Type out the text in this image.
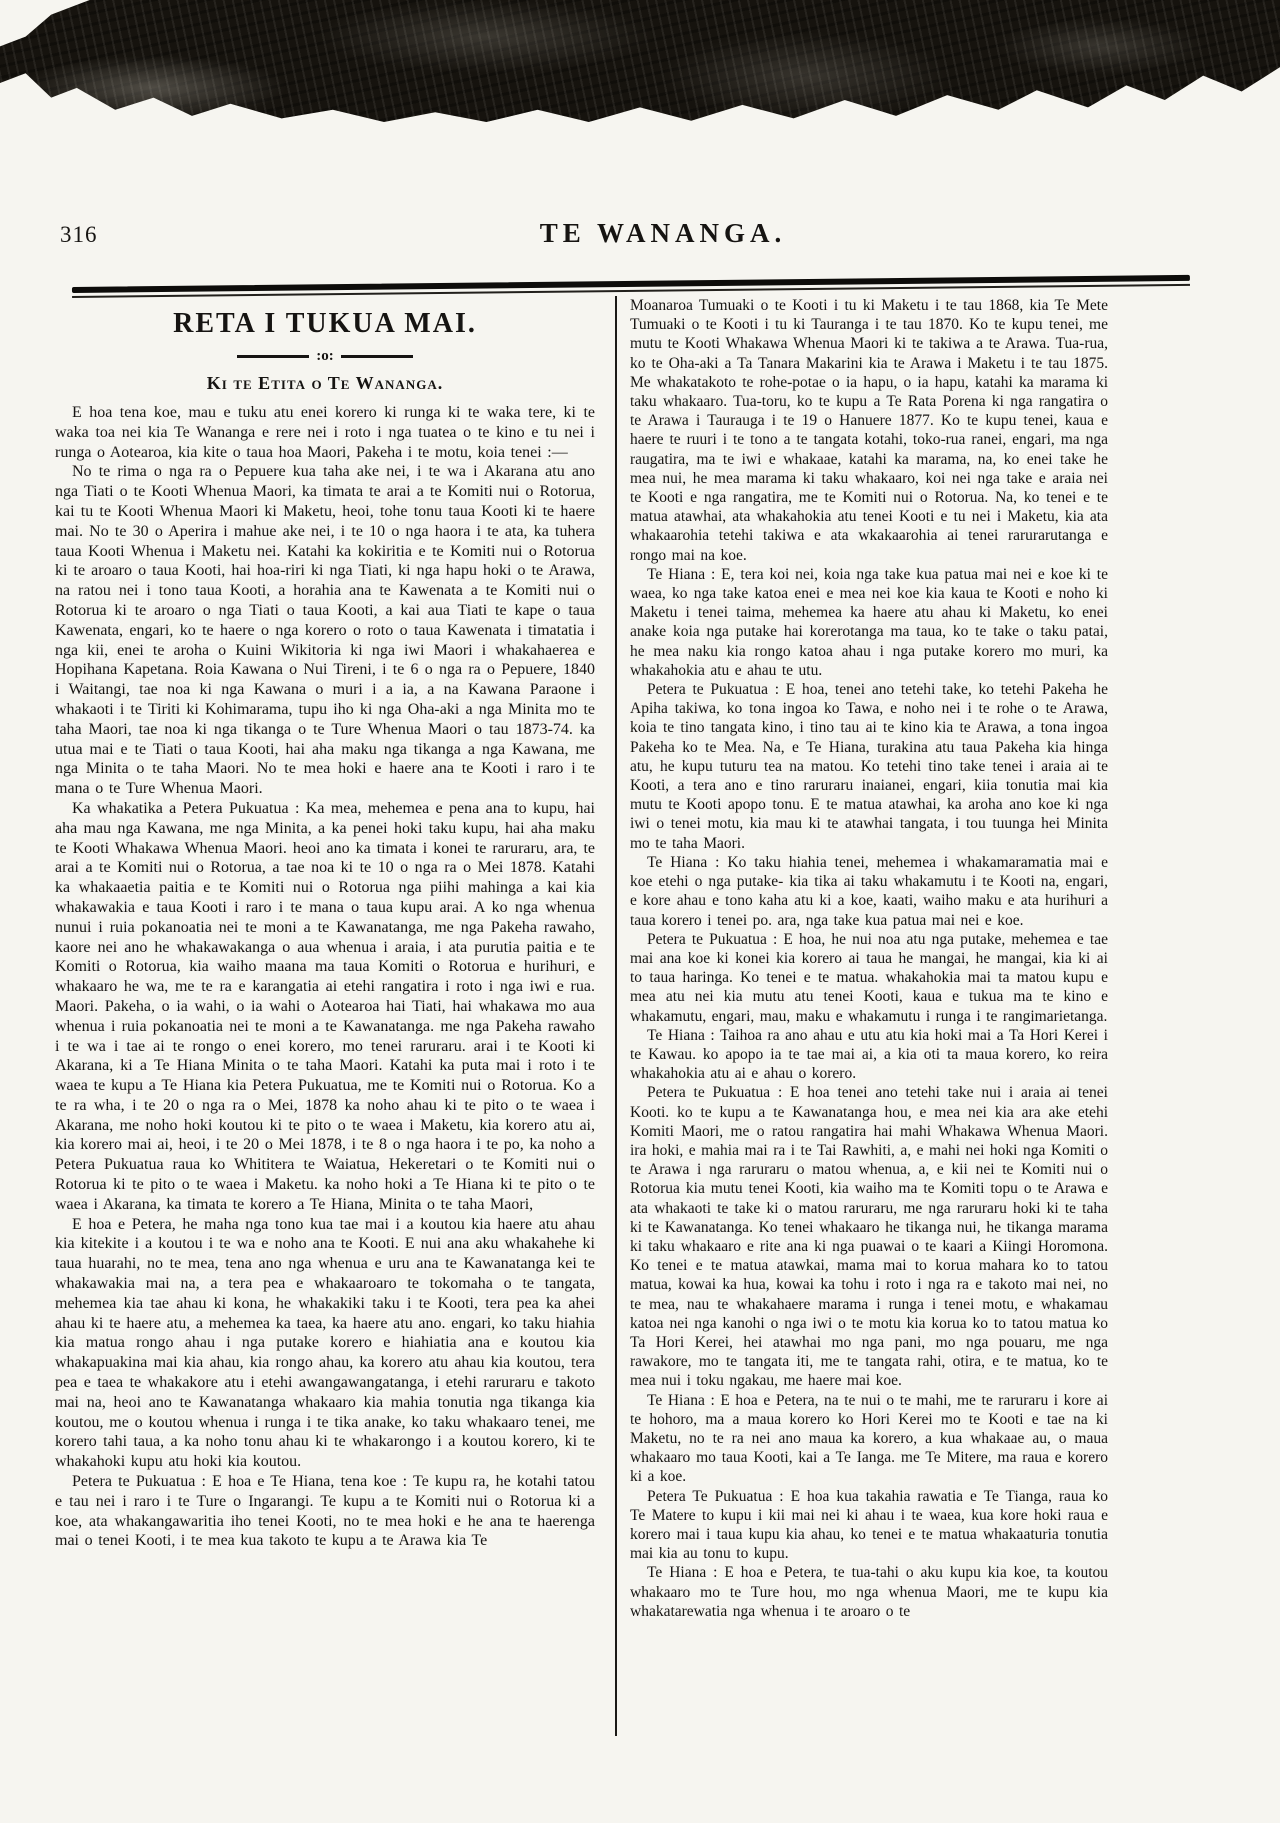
316	TE WANANGA.
RETA I TUKUA MAI.
:o:
Ki te Etita o Te Wananga.

E hoa tena koe, mau e tuku atu enei korero ki runga ki te waka tere, ki te waka toa nei kia Te Wananga e rere nei i roto i nga tuatea o te kino e tu nei i runga o Aotearoa, kia kite o taua hoa Maori, Pakeha i te motu, koia tenei :—

No te rima o nga ra o Pepuere kua taha ake nei, i te wa i Akarana atu ano nga Tiati o te Kooti Whenua Maori, ka timata te arai a te Komiti nui o Rotorua, kai tu te Kooti Whenua Maori ki Maketu, heoi, tohe tonu taua Kooti ki te haere mai. No te 30 o Aperira i mahue ake nei, i te 10 o nga haora i te ata, ka tuhera taua Kooti Whenua i Maketu nei. Katahi ka kokiritia e te Komiti nui o Rotorua ki te aroaro o taua Kooti, hai hoa-riri ki nga Tiati, ki nga hapu hoki o te Arawa, na ratou nei i tono taua Kooti, a horahia ana te Kawenata a te Komiti nui o Rotorua ki te aroaro o nga Tiati o taua Kooti, a kai aua Tiati te kape o taua Kawenata, engari, ko te haere o nga korero o roto o taua Kawenata i timatatia i nga kii, enei te aroha o Kuini Wikitoria ki nga iwi Maori i whakahaerea e Hopihana Kapetana. Roia Kawana o Nui Tireni, i te 6 o nga ra o Pepuere, 1840 i Waitangi, tae noa ki nga Kawana o muri i a ia, a na Kawana Paraone i whakaoti i te Tiriti ki Kohimarama, tupu iho ki nga Oha-aki a nga Minita mo te taha Maori, tae noa ki nga tikanga o te Ture Whenua Maori o tau 1873-74. ka utua mai e te Tiati o taua Kooti, hai aha maku nga tikanga a nga Kawana, me nga Minita o te taha Maori. No te mea hoki e haere ana te Kooti i raro i te mana o te Ture Whenua Maori.

Ka whakatika a Petera Pukuatua : Ka mea, mehemea e pena ana to kupu, hai aha mau nga Kawana, me nga Minita, a ka penei hoki taku kupu, hai aha maku te Kooti Whakawa Whenua Maori. heoi ano ka timata i konei te raruraru, ara, te arai a te Komiti nui o Rotorua, a tae noa ki te 10 o nga ra o Mei 1878. Katahi ka whakaaetia paitia e te Komiti nui o Rotorua nga piihi mahinga a kai kia whakawakia e taua Kooti i raro i te mana o taua kupu arai. A ko nga whenua nunui i ruia pokanoatia nei te moni a te Kawanatanga, me nga Pakeha rawaho, kaore nei ano he whakawakanga o aua whenua i araia, i ata purutia paitia e te Komiti o Rotorua, kia waiho maana ma taua Komiti o Rotorua e hurihuri, e whakaaro he wa, me te ra e karangatia ai etehi rangatira i roto i nga iwi e rua. Maori. Pakeha, o ia wahi, o ia wahi o Aotearoa hai Tiati, hai whakawa mo aua whenua i ruia pokanoatia nei te moni a te Kawanatanga. me nga Pakeha rawaho i te wa i tae ai te rongo o enei korero, mo tenei raruraru. arai i te Kooti ki Akarana, ki a Te Hiana Minita o te taha Maori. Katahi ka puta mai i roto i te waea te kupu a Te Hiana kia Petera Pukuatua, me te Komiti nui o Rotorua. Ko a te ra wha, i te 20 o nga ra o Mei, 1878 ka noho ahau ki te pito o te waea i Akarana, me noho hoki koutou ki te pito o te waea i Maketu, kia korero atu ai, kia korero mai ai, heoi, i te 20 o Mei 1878, i te 8 o nga haora i te po, ka noho a Petera Pukuatua raua ko Whititera te Waiatua, Hekeretari o te Komiti nui o Rotorua ki te pito o te waea i Maketu. ka noho hoki a Te Hiana ki te pito o te waea i Akarana, ka timata te korero a Te Hiana, Minita o te taha Maori,

E hoa e Petera, he maha nga tono kua tae mai i a koutou kia haere atu ahau kia kitekite i a koutou i te wa e noho ana te Kooti. E nui ana aku whakahehe ki taua huarahi, no te mea, tena ano nga whenua e uru ana te Kawanatanga kei te whakawakia mai na, a tera pea e whakaaroaro te tokomaha o te tangata, mehemea kia tae ahau ki kona, he whakakiki taku i te Kooti, tera pea ka ahei ahau ki te haere atu, a mehemea ka taea, ka haere atu ano. engari, ko taku hiahia kia matua rongo ahau i nga putake korero e hiahiatia ana e koutou kia whakapuakina mai kia ahau, kia rongo ahau, ka korero atu ahau kia koutou, tera pea e taea te whakakore atu i etehi awangawangatanga, i etehi raruraru e takoto mai na, heoi ano te Kawanatanga whakaaro kia mahia tonutia nga tikanga kia koutou, me o koutou whenua i runga i te tika anake, ko taku whakaaro tenei, me korero tahi taua, a ka noho tonu ahau ki te whakarongo i a koutou korero, ki te whakahoki kupu atu hoki kia koutou.

Petera te Pukuatua : E hoa e Te Hiana, tena koe : Te kupu ra, he kotahi tatou e tau nei i raro i te Ture o Ingarangi. Te kupu a te Komiti nui o Rotorua ki a koe, ata whakangawaritia iho tenei Kooti, no te mea hoki e he ana te haerenga mai o tenei Kooti, i te mea kua takoto te kupu a te Arawa kia Te

Moanaroa Tumuaki o te Kooti i tu ki Maketu i te tau 1868, kia Te Mete Tumuaki o te Kooti i tu ki Tauranga i te tau 1870. Ko te kupu tenei, me mutu te Kooti Whakawa Whenua Maori ki te takiwa a te Arawa. Tua-rua, ko te Oha-aki a Ta Tanara Makarini kia te Arawa i Maketu i te tau 1875. Me whakatakoto te rohe-potae o ia hapu, o ia hapu, katahi ka marama ki taku whakaaro. Tua-toru, ko te kupu a Te Rata Porena ki nga rangatira o te Arawa i Taurauga i te 19 o Hanuere 1877. Ko te kupu tenei, kaua e haere te ruuri i te tono a te tangata kotahi, toko-rua ranei, engari, ma nga raugatira, ma te iwi e whakaae, katahi ka marama, na, ko enei take he mea nui, he mea marama ki taku whakaaro, koi nei nga take e araia nei te Kooti e nga rangatira, me te Komiti nui o Rotorua. Na, ko tenei e te matua atawhai, ata whakahokia atu tenei Kooti e tu nei i Maketu, kia ata whakaarohia tetehi takiwa e ata wkakaarohia ai tenei rarurarutanga e rongo mai na koe.

Te Hiana : E, tera koi nei, koia nga take kua patua mai nei e koe ki te waea, ko nga take katoa enei e mea nei koe kia kaua te Kooti e noho ki Maketu i tenei taima, mehemea ka haere atu ahau ki Maketu, ko enei anake koia nga putake hai korerotanga ma taua, ko te take o taku patai, he mea naku kia rongo katoa ahau i nga putake korero mo muri, ka whakahokia atu e ahau te utu.

Petera te Pukuatua : E hoa, tenei ano tetehi take, ko tetehi Pakeha he Apiha takiwa, ko tona ingoa ko Tawa, e noho nei i te rohe o te Arawa, koia te tino tangata kino, i tino tau ai te kino kia te Arawa, a tona ingoa Pakeha ko te Mea. Na, e Te Hiana, turakina atu taua Pakeha kia hinga atu, he kupu tuturu tea na matou. Ko tetehi tino take tenei i araia ai te Kooti, a tera ano e tino raruraru inaianei, engari, kiia tonutia mai kia mutu te Kooti apopo tonu. E te matua atawhai, ka aroha ano koe ki nga iwi o tenei motu, kia mau ki te atawhai tangata, i tou tuunga hei Minita mo te taha Maori.

Te Hiana : Ko taku hiahia tenei, mehemea i whakamaramatia mai e koe etehi o nga putake- kia tika ai taku whakamutu i te Kooti na, engari, e kore ahau e tono kaha atu ki a koe, kaati, waiho maku e ata hurihuri a taua korero i tenei po. ara, nga take kua patua mai nei e koe.

Petera te Pukuatua : E hoa, he nui noa atu nga putake, mehemea e tae mai ana koe ki konei kia korero ai taua he mangai, he mangai, kia ki ai to taua haringa. Ko tenei e te matua. whakahokia mai ta matou kupu e mea atu nei kia mutu atu tenei Kooti, kaua e tukua ma te kino e whakamutu, engari, mau, maku e whakamutu i runga i te rangimarietanga.

Te Hiana : Taihoa ra ano ahau e utu atu kia hoki mai a Ta Hori Kerei i te Kawau. ko apopo ia te tae mai ai, a kia oti ta maua korero, ko reira whakahokia atu ai e ahau o korero.

Petera te Pukuatua : E hoa tenei ano tetehi take nui i araia ai tenei Kooti. ko te kupu a te Kawanatanga hou, e mea nei kia ara ake etehi Komiti Maori, me o ratou rangatira hai mahi Whakawa Whenua Maori. ira hoki, e mahia mai ra i te Tai Rawhiti, a, e mahi nei hoki nga Komiti o te Arawa i nga raruraru o matou whenua, a, e kii nei te Komiti nui o Rotorua kia mutu tenei Kooti, kia waiho ma te Komiti topu o te Arawa e ata whakaoti te take ki o matou raruraru, me nga raruraru hoki ki te taha ki te Kawanatanga. Ko tenei whakaaro he tikanga nui, he tikanga marama ki taku whakaaro e rite ana ki nga puawai o te kaari a Kiingi Horomona. Ko tenei e te matua atawkai, mama mai to korua mahara ko to tatou matua, kowai ka hua, kowai ka tohu i roto i nga ra e takoto mai nei, no te mea, nau te whakahaere marama i runga i tenei motu, e whakamau katoa nei nga kanohi o nga iwi o te motu kia korua ko to tatou matua ko Ta Hori Kerei, hei atawhai mo nga pani, mo nga pouaru, me nga rawakore, mo te tangata iti, me te tangata rahi, otira, e te matua, ko te mea nui i toku ngakau, me haere mai koe.

Te Hiana : E hoa e Petera, na te nui o te mahi, me te raruraru i kore ai te hohoro, ma a maua korero ko Hori Kerei mo te Kooti e tae na ki Maketu, no te ra nei ano maua ka korero, a kua whakaae au, o maua whakaaro mo taua Kooti, kai a Te Ianga. me Te Mitere, ma raua e korero ki a koe.

Petera Te Pukuatua : E hoa kua takahia rawatia e Te Tianga, raua ko Te Matere to kupu i kii mai nei ki ahau i te waea, kua kore hoki raua e korero mai i taua kupu kia ahau, ko tenei e te matua whakaaturia tonutia mai kia au tonu to kupu.

Te Hiana : E hoa e Petera, te tua-tahi o aku kupu kia koe, ta koutou whakaaro mo te Ture hou, mo nga whenua Maori, me te kupu kia whakatarewatia nga whenua i te aroaro o te
